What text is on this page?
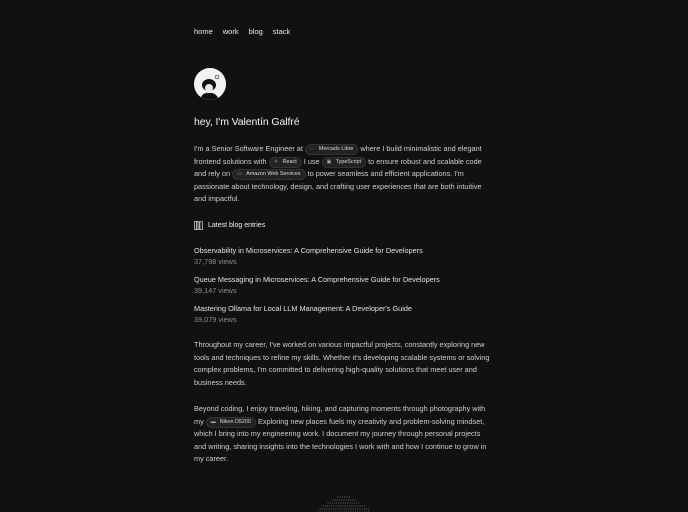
home work blog stack
hey, I'm Valentín Galfré

I'm a Senior Software Engineer at ◌	Mercado Libre where I build minimalistic and elegant frontend solutions with ⚛ React I use ▣ TypeScript to ensure robust and scalable code and rely on ▭ Amazon Web Services to power seamless and efficient applications. I'm passionate about technology, design, and crafting user experiences that are both intuitive and impactful.

Latest blog entries
Observability in Microservices: A Comprehensive Guide for Developers
37,798 views
Queue Messaging in Microservices: A Comprehensive Guide for Developers
39,147 views
Mastering Ollama for Local LLM Management: A Developer's Guide
39,079 views

Throughout my career, I've worked on various impactful projects, constantly exploring new tools and techniques to refine my skills. Whether it's developing scalable systems or solving complex problems, I'm committed to delivering high-quality solutions that meet user and business needs.

Beyond coding, I enjoy traveling, hiking, and capturing moments through photography with my ▬ Nikon D5200 Exploring new places fuels my creativity and problem-solving mindset, which I bring into my engineering work. I document my journey through personal projects and writing, sharing insights into the technologies I work with and how I continue to grow in my career.
